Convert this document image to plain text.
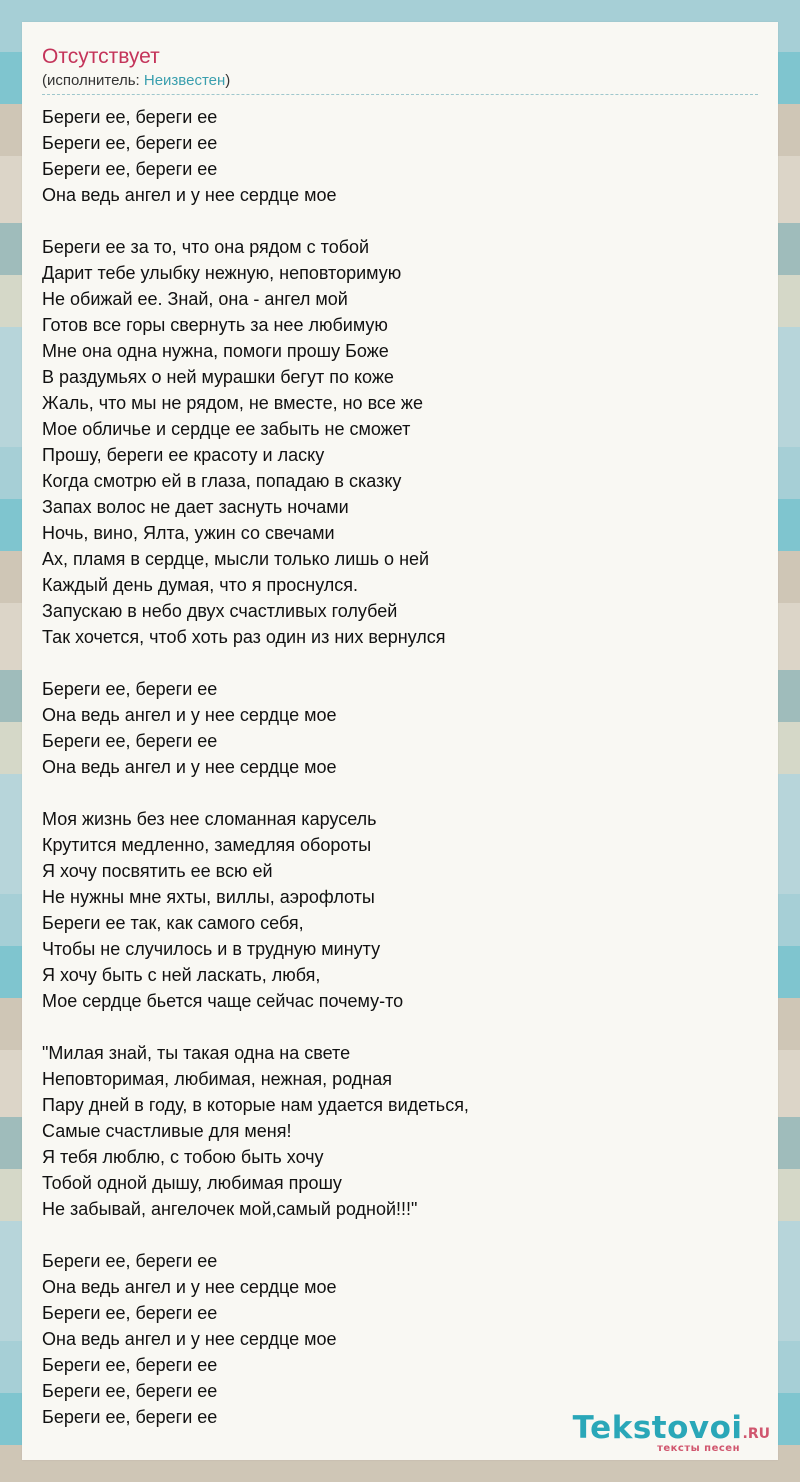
Отсутствует
(исполнитель: Неизвестен)
Береги ее, береги ее
Береги ее, береги ее
Береги ее, береги ее
Она ведь ангел и у нее сердце мое
Береги ее за то, что она рядом с тобой
Дарит тебе улыбку нежную, неповторимую
Не обижай ее. Знай, она - ангел мой
Готов все горы свернуть за нее любимую
Мне она одна нужна, помоги прошу Боже
В раздумьях о ней мурашки бегут по коже
Жаль, что мы не рядом, не вместе, но все же
Мое обличье и сердце ее забыть не сможет
Прошу, береги ее красоту и ласку
Когда смотрю ей в глаза, попадаю в сказку
Запах волос не дает заснуть ночами
Ночь, вино, Ялта, ужин со свечами
Ах, пламя в сердце, мысли только лишь о ней
Каждый день думая, что я проснулся.
Запускаю в небо двух счастливых голубей
Так хочется, чтоб хоть раз один из них вернулся
Береги ее, береги ее
Она ведь ангел и у нее сердце мое
Береги ее, береги ее
Она ведь ангел и у нее сердце мое
Моя жизнь без нее сломанная карусель
Крутится медленно, замедляя обороты
Я хочу посвятить ее всю ей
Не нужны мне яхты, виллы, аэрофлоты
Береги ее так, как самого себя,
Чтобы не случилось и в трудную минуту
Я хочу быть с ней ласкать, любя,
Мое сердце бьется чаще сейчас почему-то
"Милая знай, ты такая одна на свете
Неповторимая, любимая, нежная, родная
Пару дней в году, в которые нам удается видеться,
Самые счастливые для меня!
Я тебя люблю, с тобою быть хочу
Тобой одной дышу, любимая прошу
Не забывай, ангелочек мой,самый родной!!!"
Береги ее, береги ее
Она ведь ангел и у нее сердце мое
Береги ее, береги ее
Она ведь ангел и у нее сердце мое
Береги ее, береги ее
Береги ее, береги ее
Береги ее, береги ее	Tekstovoi.RU
тексты песен
